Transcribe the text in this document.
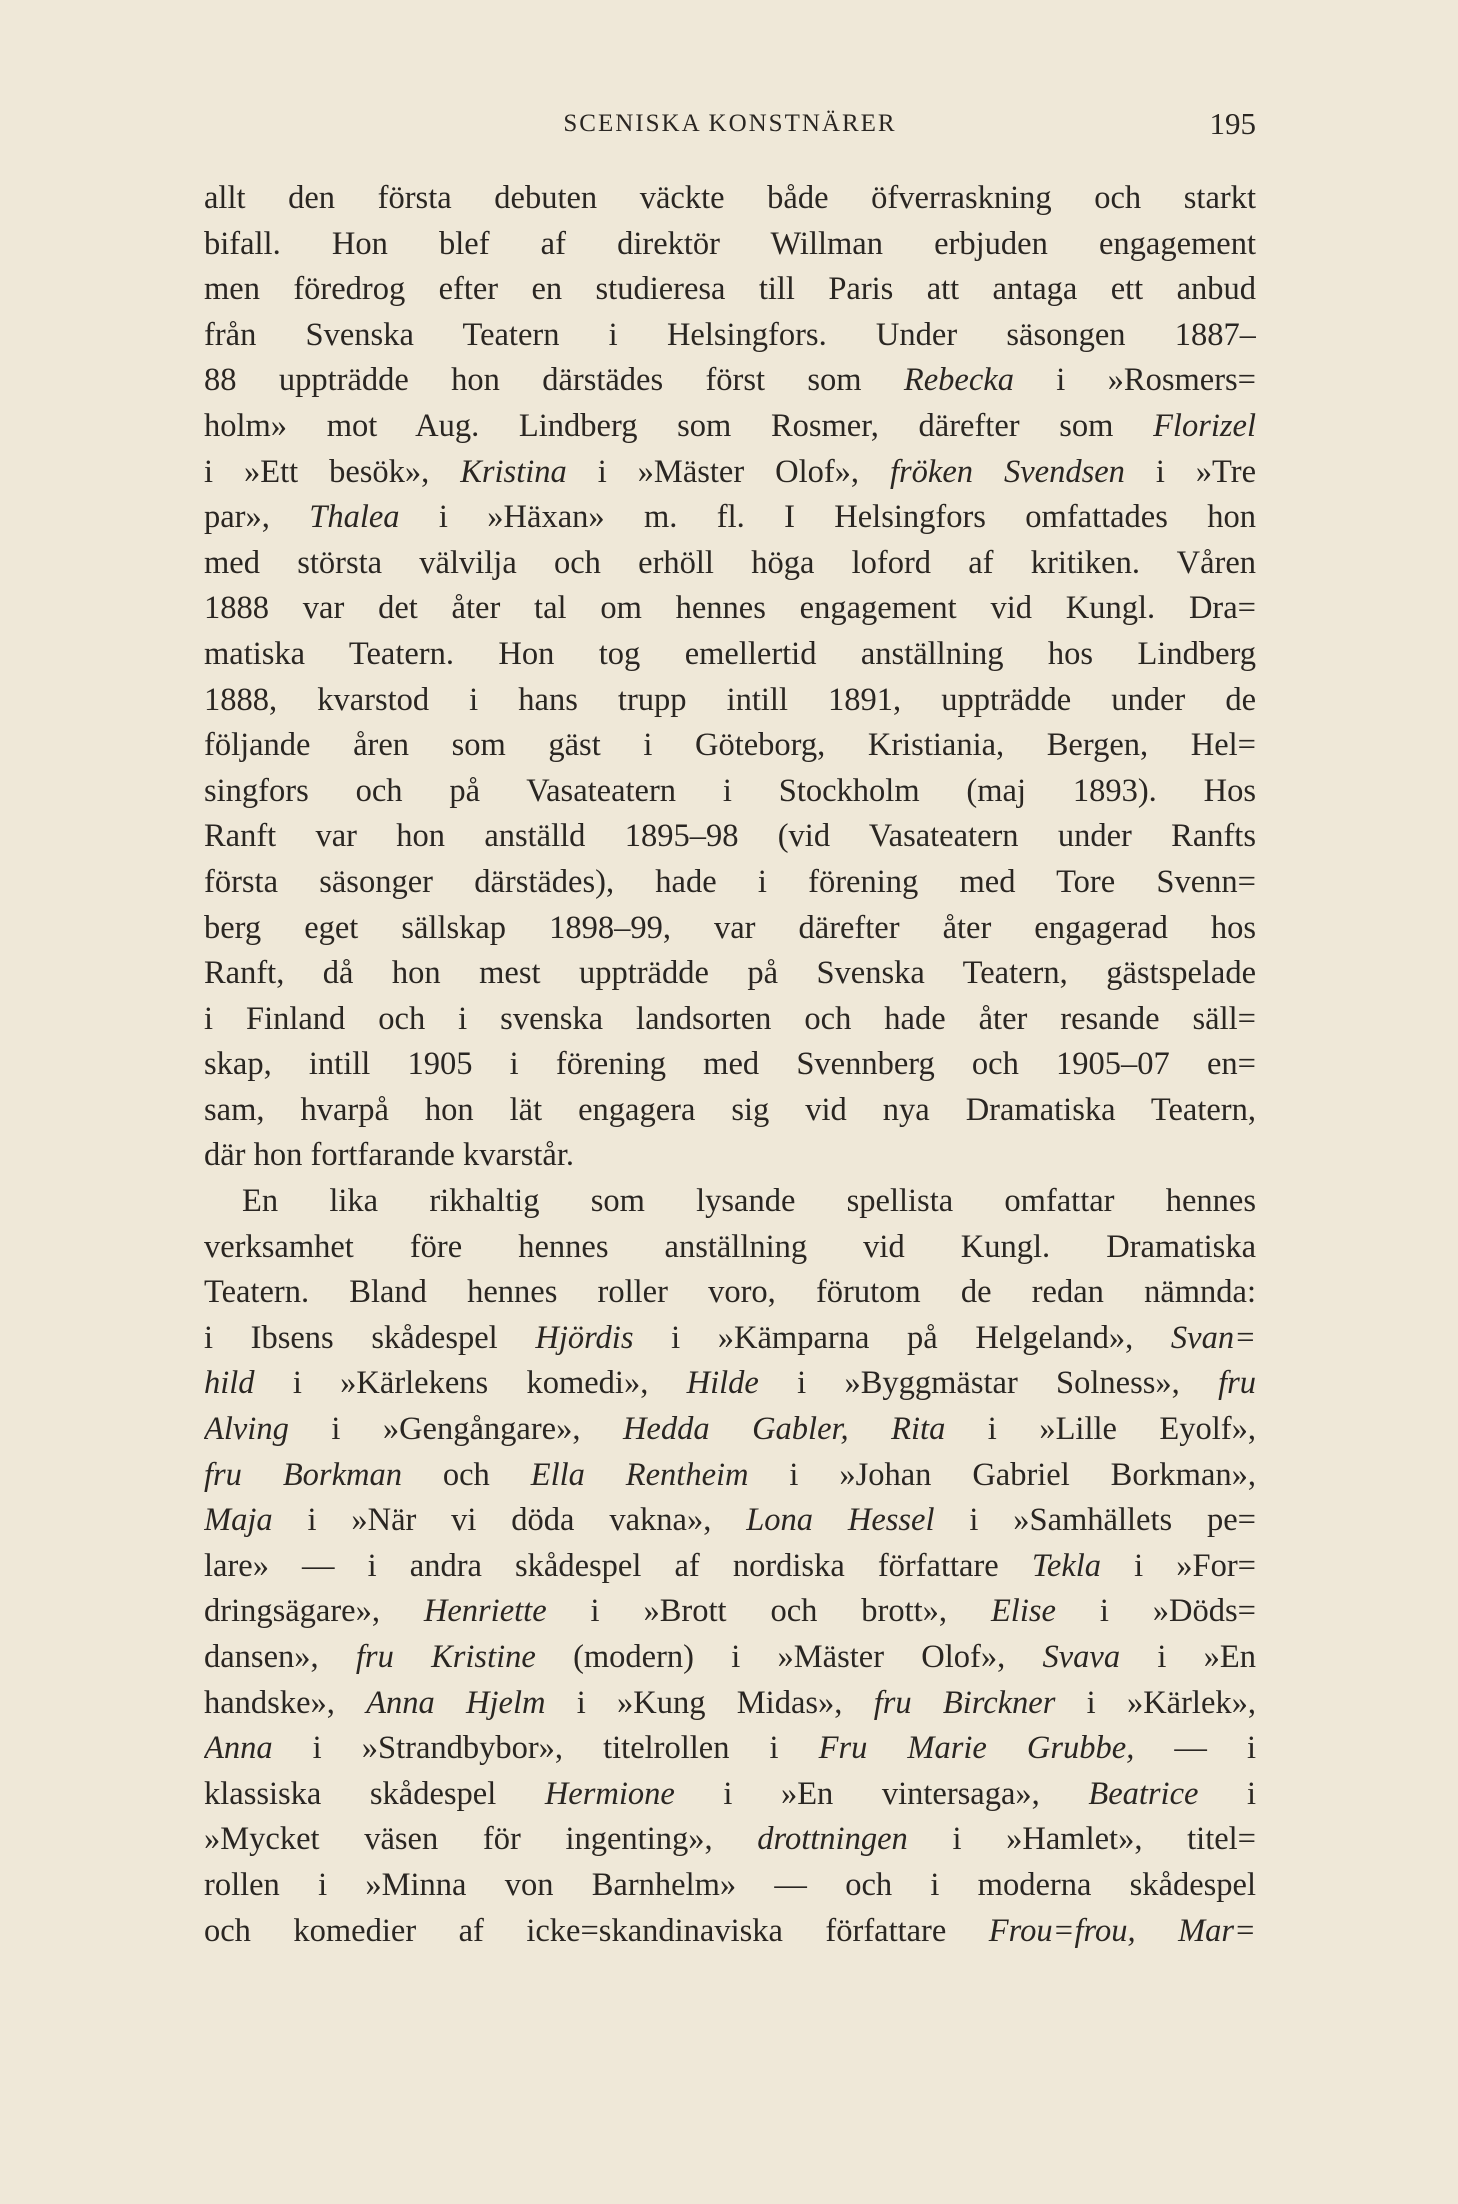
SCENISKA KONSTNÄRER	195
allt den första debuten väckte både öfverraskning och starkt
bifall. Hon blef af direktör Willman erbjuden engagement
men föredrog efter en studieresa till Paris att antaga ett anbud
från Svenska Teatern i Helsingfors. Under säsongen 1887–
88 uppträdde hon därstädes först som Rebecka i »Rosmers=
holm» mot Aug. Lindberg som Rosmer, därefter som Florizel
i »Ett besök», Kristina i »Mäster Olof», fröken Svendsen i »Tre
par», Thalea i »Häxan» m. fl. I Helsingfors omfattades hon
med största välvilja och erhöll höga loford af kritiken. Våren
1888 var det åter tal om hennes engagement vid Kungl. Dra=
matiska Teatern. Hon tog emellertid anställning hos Lindberg
1888, kvarstod i hans trupp intill 1891, uppträdde under de
följande åren som gäst i Göteborg, Kristiania, Bergen, Hel=
singfors och på Vasateatern i Stockholm (maj 1893). Hos
Ranft var hon anställd 1895–98 (vid Vasateatern under Ranfts
första säsonger därstädes), hade i förening med Tore Svenn=
berg eget sällskap 1898–99, var därefter åter engagerad hos
Ranft, då hon mest uppträdde på Svenska Teatern, gästspelade
i Finland och i svenska landsorten och hade åter resande säll=
skap, intill 1905 i förening med Svennberg och 1905–07 en=
sam, hvarpå hon lät engagera sig vid nya Dramatiska Teatern,
där hon fortfarande kvarstår.
En lika rikhaltig som lysande spellista omfattar hennes
verksamhet före hennes anställning vid Kungl. Dramatiska
Teatern. Bland hennes roller voro, förutom de redan nämnda:
i Ibsens skådespel Hjördis i »Kämparna på Helgeland», Svan=
hild i »Kärlekens komedi», Hilde i »Byggmästar Solness», fru
Alving i »Gengångare», Hedda Gabler, Rita i »Lille Eyolf»,
fru Borkman och Ella Rentheim i »Johan Gabriel Borkman»,
Maja i »När vi döda vakna», Lona Hessel i »Samhällets pe=
lare» — i andra skådespel af nordiska författare Tekla i »For=
dringsägare», Henriette i »Brott och brott», Elise i »Döds=
dansen», fru Kristine (modern) i »Mäster Olof», Svava i »En
handske», Anna Hjelm i »Kung Midas», fru Birckner i »Kärlek»,
Anna i »Strandbybor», titelrollen i Fru Marie Grubbe, — i
klassiska skådespel Hermione i »En vintersaga», Beatrice i
»Mycket väsen för ingenting», drottningen i »Hamlet», titel=
rollen i »Minna von Barnhelm» — och i moderna skådespel
och komedier af icke=skandinaviska författare Frou=frou, Mar=
